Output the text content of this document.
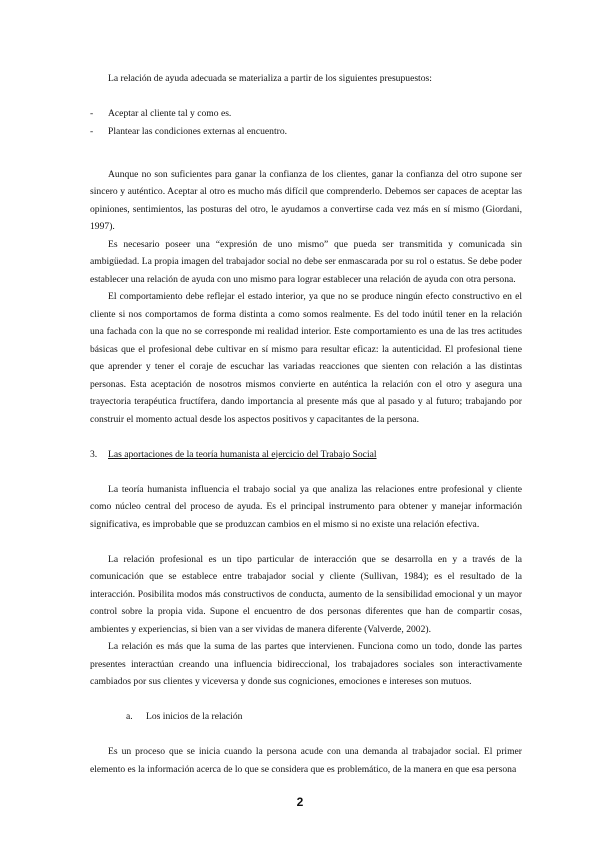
La relación de ayuda adecuada se materializa a partir de los siguientes presupuestos:

- Aceptar al cliente tal y como es.
- Plantear las condiciones externas al encuentro.

Aunque no son suficientes para ganar la confianza de los clientes, ganar la confianza del otro supone ser sincero y auténtico. Aceptar al otro es mucho más difícil que comprenderlo. Debemos ser capaces de aceptar las opiniones, sentimientos, las posturas del otro, le ayudamos a convertirse cada vez más en sí mismo (Giordani, 1997).

Es necesario poseer una “expresión de uno mismo” que pueda ser transmitida y comunicada sin ambigüedad. La propia imagen del trabajador social no debe ser enmascarada por su rol o estatus. Se debe poder establecer una relación de ayuda con uno mismo para lograr establecer una relación de ayuda con otra persona.

El comportamiento debe reflejar el estado interior, ya que no se produce ningún efecto constructivo en el cliente si nos comportamos de forma distinta a como somos realmente. Es del todo inútil tener en la relación una fachada con la que no se corresponde mi realidad interior. Este comportamiento es una de las tres actitudes básicas que el profesional debe cultivar en sí mismo para resultar eficaz: la autenticidad. El profesional tiene que aprender y tener el coraje de escuchar las variadas reacciones que sienten con relación a las distintas personas. Esta aceptación de nosotros mismos convierte en auténtica la relación con el otro y asegura una trayectoria terapéutica fructífera, dando importancia al presente más que al pasado y al futuro; trabajando por construir el momento actual desde los aspectos positivos y capacitantes de la persona.

3. Las aportaciones de la teoría humanista al ejercicio del Trabajo Social

La teoría humanista influencia el trabajo social ya que analiza las relaciones entre profesional y cliente como núcleo central del proceso de ayuda. Es el principal instrumento para obtener y manejar información significativa, es improbable que se produzcan cambios en el mismo si no existe una relación efectiva.

La relación profesional es un tipo particular de interacción que se desarrolla en y a través de la comunicación que se establece entre trabajador social y cliente (Sullivan, 1984); es el resultado de la interacción. Posibilita modos más constructivos de conducta, aumento de la sensibilidad emocional y un mayor control sobre la propia vida. Supone el encuentro de dos personas diferentes que han de compartir cosas, ambientes y experiencias, si bien van a ser vividas de manera diferente (Valverde, 2002).

La relación es más que la suma de las partes que intervienen. Funciona como un todo, donde las partes presentes interactúan creando una influencia bidireccional, los trabajadores sociales son interactivamente cambiados por sus clientes y viceversa y donde sus cogniciones, emociones e intereses son mutuos.

a. Los inicios de la relación

Es un proceso que se inicia cuando la persona acude con una demanda al trabajador social. El primer elemento es la información acerca de lo que se considera que es problemático, de la manera en que esa persona

2
